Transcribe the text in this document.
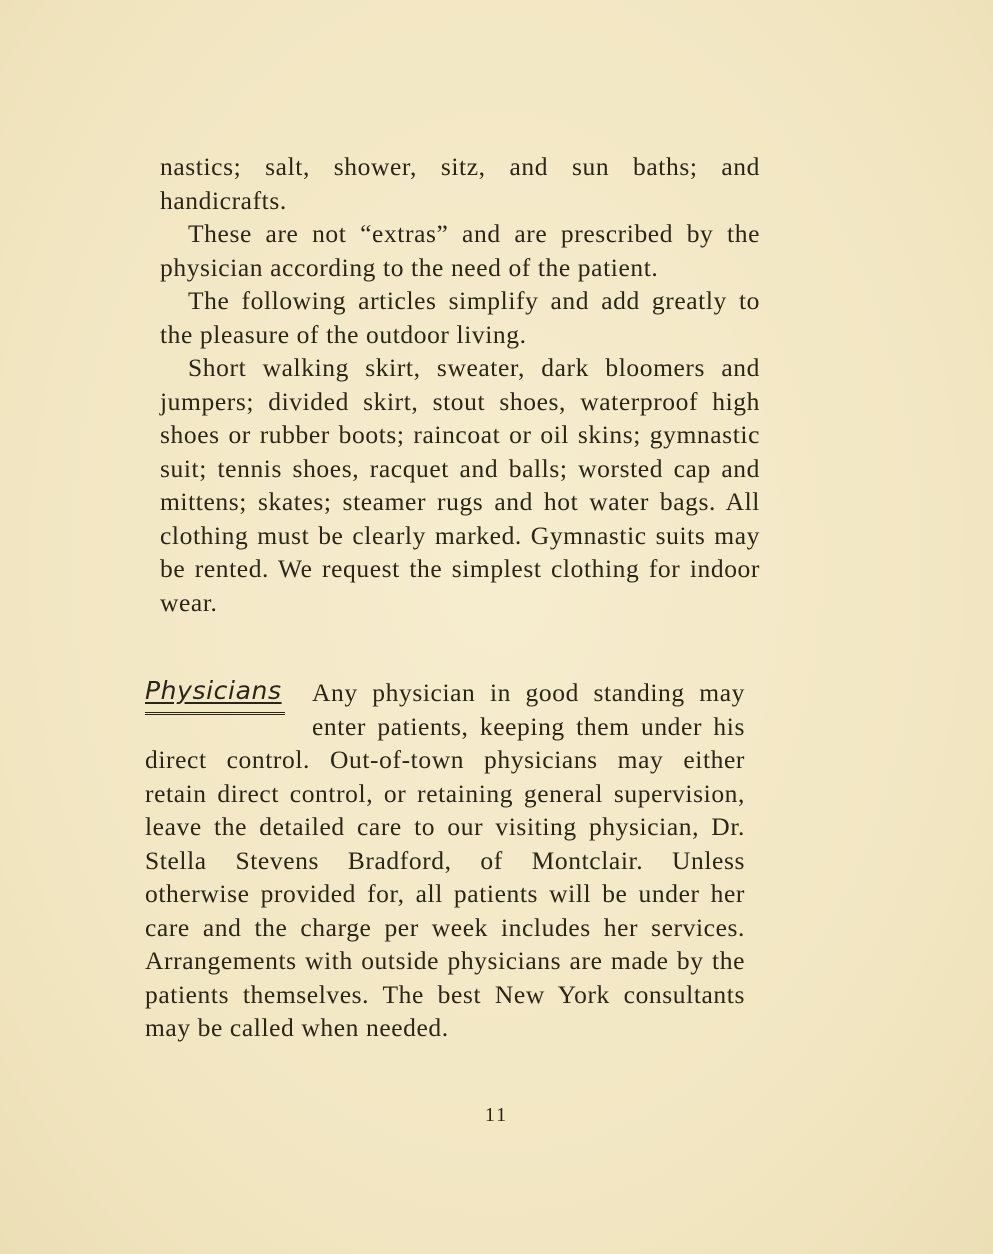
nastics; salt, shower, sitz, and sun baths; and handicrafts.

These are not “extras” and are prescribed by the physician according to the need of the patient.

The following articles simplify and add greatly to the pleasure of the outdoor living.

Short walking skirt, sweater, dark bloomers and jumpers; divided skirt, stout shoes, waterproof high shoes or rubber boots; raincoat or oil skins; gymnastic suit; tennis shoes, racquet and balls; worsted cap and mittens; skates; steamer rugs and hot water bags. All clothing must be clearly marked. Gymnastic suits may be rented. We request the simplest clothing for indoor wear.

Physicians	Any physician in good standing may enter patients, keeping them under his direct control. Out-of-town physicians may either retain direct control, or retaining general supervision, leave the detailed care to our visiting physician, Dr. Stella Stevens Bradford, of Montclair. Unless otherwise provided for, all patients will be under her care and the charge per week includes her services. Arrangements with outside physicians are made by the patients themselves. The best New York consultants may be called when needed.

11
